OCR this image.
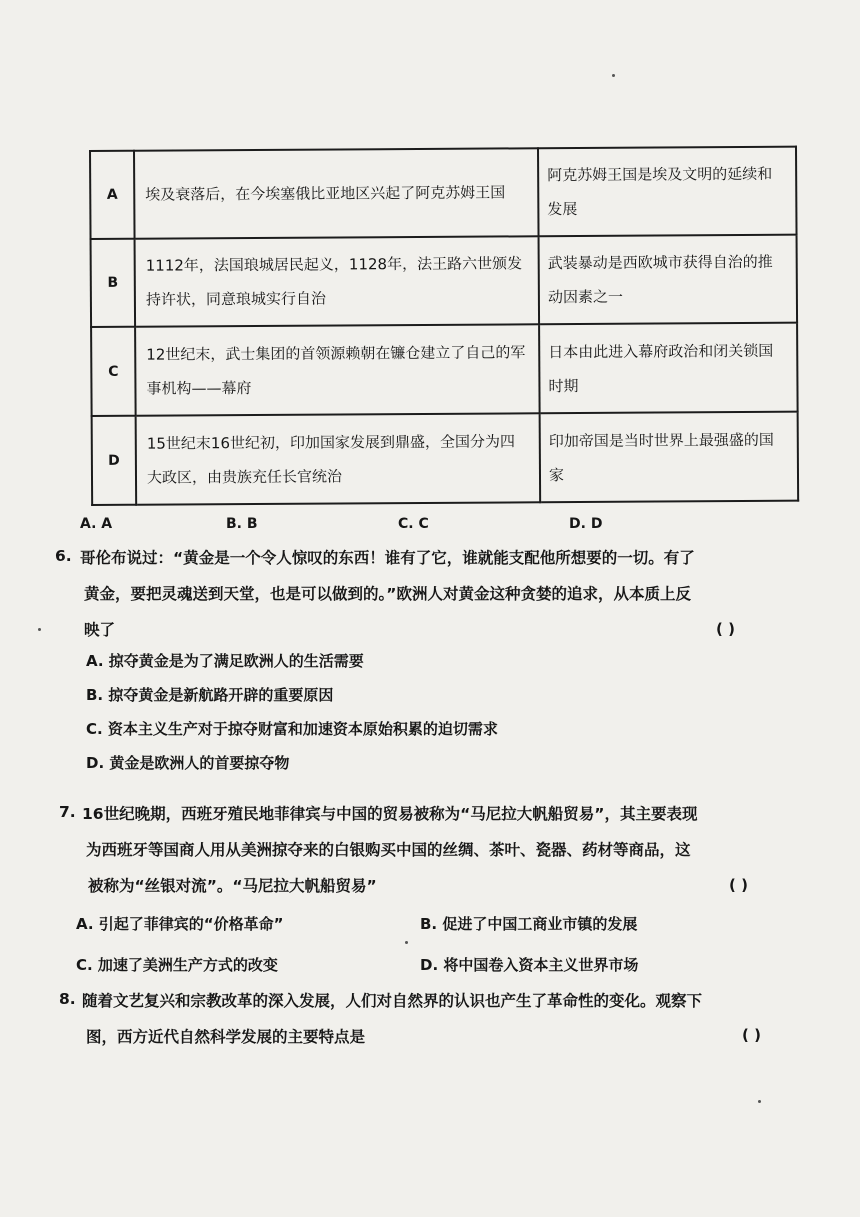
A	埃及衰落后，在今埃塞俄比亚地区兴起了阿克苏姆王国	阿克苏姆王国是埃及文明的延续和发展
B	1112年，法国琅城居民起义，1128年，法王路六世颁发持许状，同意琅城实行自治	武装暴动是西欧城市获得自治的推动因素之一
C	12世纪末，武士集团的首领源赖朝在镰仓建立了自己的军事机构——幕府	日本由此进入幕府政治和闭关锁国时期
D	15世纪末16世纪初，印加国家发展到鼎盛，全国分为四大政区，由贵族充任长官统治	印加帝国是当时世界上最强盛的国家
A. A	B. B	C. C	D. D
6. 哥伦布说过：“黄金是一个令人惊叹的东西！谁有了它，谁就能支配他所想要的一切。有了
黄金，要把灵魂送到天堂，也是可以做到的。”欧洲人对黄金这种贪婪的追求，从本质上反
映了	( )
A. 掠夺黄金是为了满足欧洲人的生活需要
B. 掠夺黄金是新航路开辟的重要原因
C. 资本主义生产对于掠夺财富和加速资本原始积累的迫切需求
D. 黄金是欧洲人的首要掠夺物
7. 16世纪晚期，西班牙殖民地菲律宾与中国的贸易被称为“马尼拉大帆船贸易”，其主要表现
为西班牙等国商人用从美洲掠夺来的白银购买中国的丝绸、茶叶、瓷器、药材等商品，这
被称为“丝银对流”。“马尼拉大帆船贸易”	( )
A. 引起了菲律宾的“价格革命”	B. 促进了中国工商业市镇的发展
C. 加速了美洲生产方式的改变	D. 将中国卷入资本主义世界市场
8. 随着文艺复兴和宗教改革的深入发展，人们对自然界的认识也产生了革命性的变化。观察下
图，西方近代自然科学发展的主要特点是	( )
